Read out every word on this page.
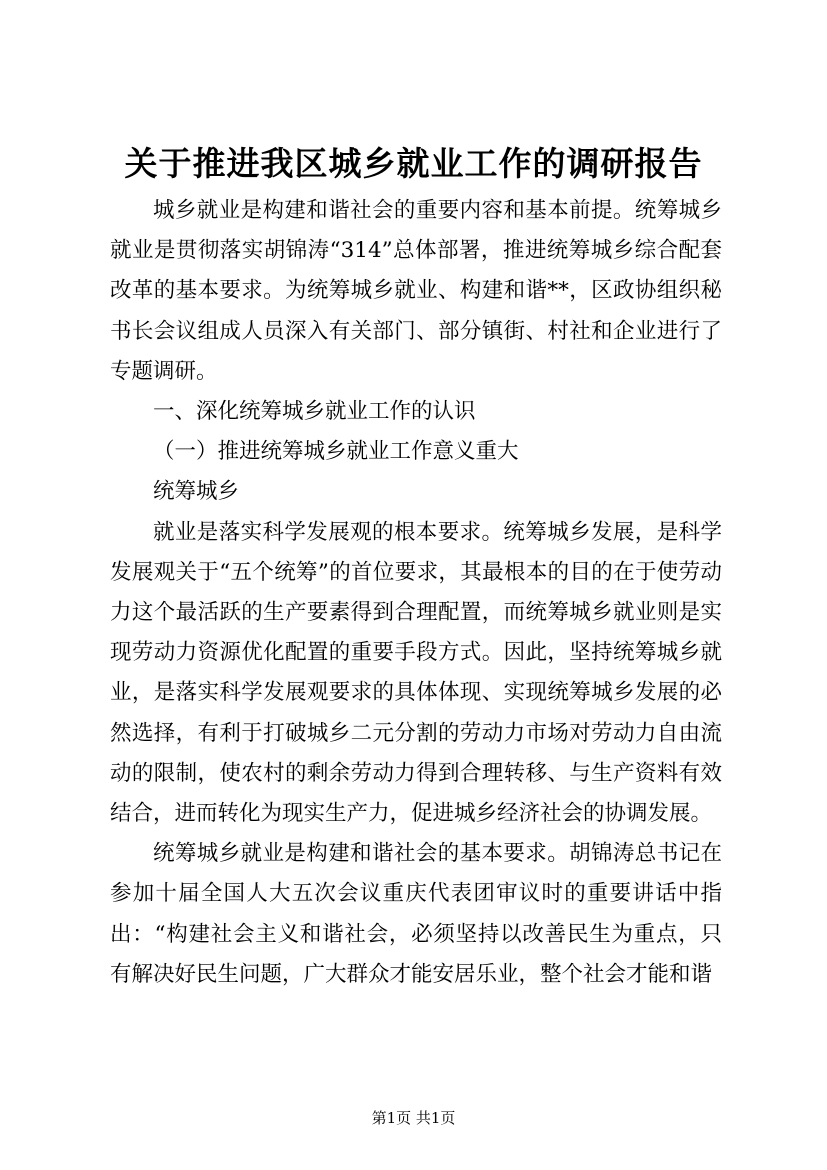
关于推进我区城乡就业工作的调研报告

城乡就业是构建和谐社会的重要内容和基本前提。统筹城乡就业是贯彻落实胡锦涛“314”总体部署，推进统筹城乡综合配套改革的基本要求。为统筹城乡就业、构建和谐**，区政协组织秘书长会议组成人员深入有关部门、部分镇街、村社和企业进行了专题调研。

一、深化统筹城乡就业工作的认识

（一）推进统筹城乡就业工作意义重大

统筹城乡

就业是落实科学发展观的根本要求。统筹城乡发展，是科学发展观关于“五个统筹”的首位要求，其最根本的目的在于使劳动力这个最活跃的生产要素得到合理配置，而统筹城乡就业则是实现劳动力资源优化配置的重要手段方式。因此，坚持统筹城乡就业，是落实科学发展观要求的具体体现、实现统筹城乡发展的必然选择，有利于打破城乡二元分割的劳动力市场对劳动力自由流动的限制，使农村的剩余劳动力得到合理转移、与生产资料有效结合，进而转化为现实生产力，促进城乡经济社会的协调发展。

统筹城乡就业是构建和谐社会的基本要求。胡锦涛总书记在参加十届全国人大五次会议重庆代表团审议时的重要讲话中指出：“构建社会主义和谐社会，必须坚持以改善民生为重点，只有解决好民生问题，广大群众才能安居乐业，整个社会才能和谐

第1页 共1页
